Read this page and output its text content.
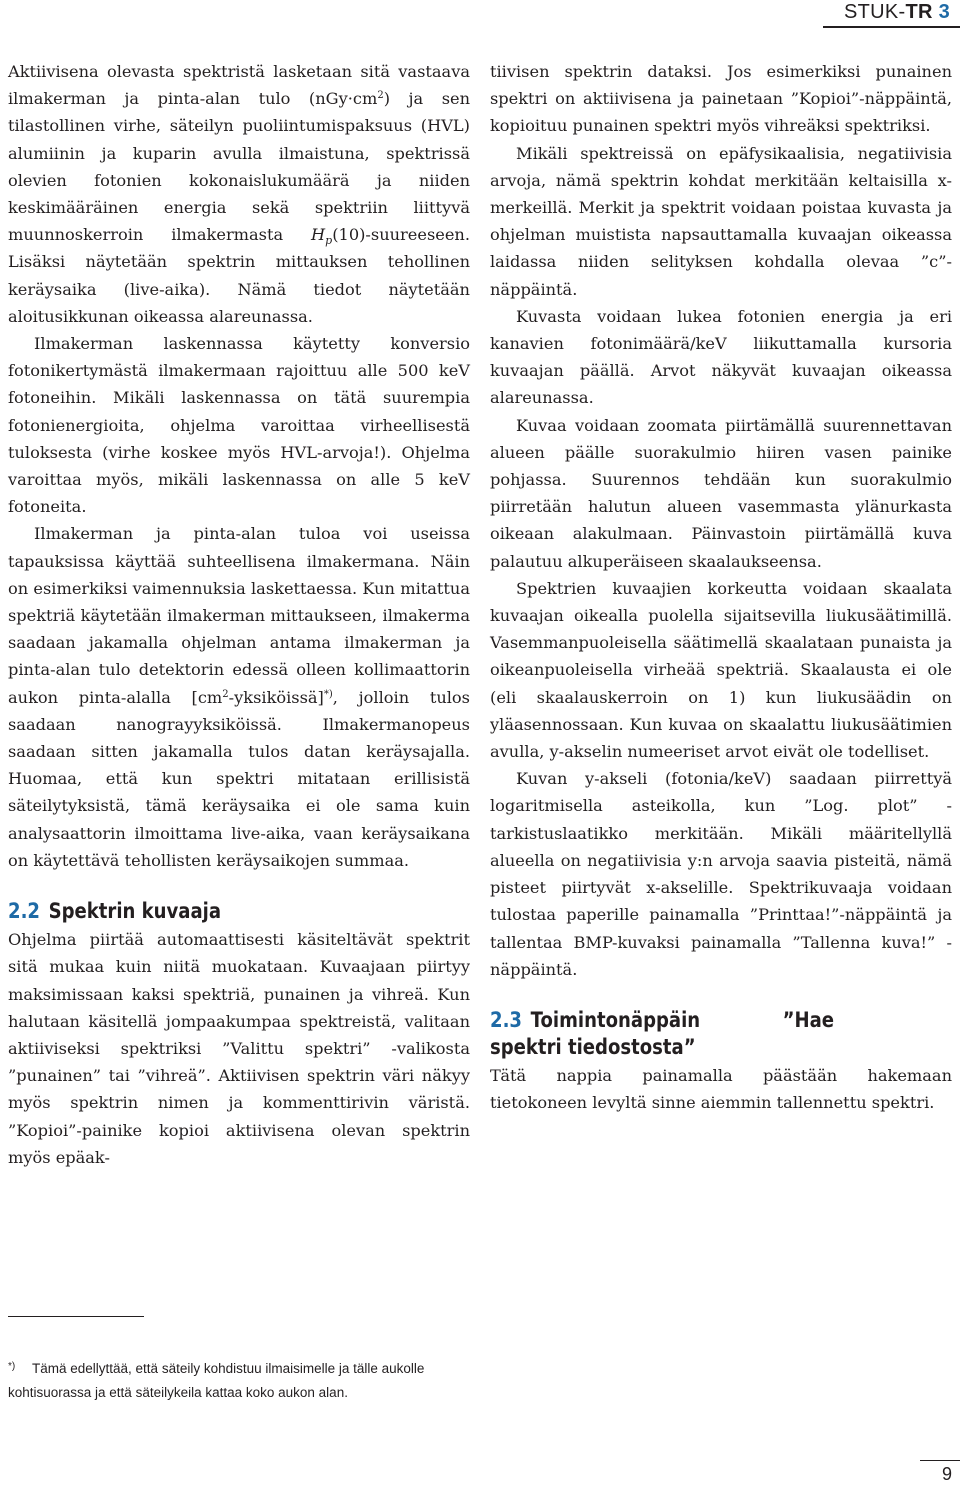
STUK-TR 3

Aktiivisena olevasta spektristä lasketaan sitä vastaava ilmakerman ja pinta-alan tulo $(nGy\cdot cm^2)$ ja sen tilastollinen virhe, säteilyn puoliintumispaksuus (HVL) alumiinin ja kuparin avulla ilmaistuna, spektrissä olevien fotonien kokonaislukumäärä ja niiden keskimääräinen energia sekä spektriin liittyvä muunnoskerroin ilmakermasta $H_p(10)$-suureeseen. Lisäksi näytetään spektrin mittauksen tehollinen keräysaika (live-aika). Nämä tiedot näytetään aloitusikkunan oikeassa alareunassa.

Ilmakerman laskennassa käytetty konversio fotonikertymästä ilmakermaan rajoittuu alle 500 keV fotoneihin. Mikäli laskennassa on tätä suurempia fotonienergioita, ohjelma varoittaa virheellisestä tuloksesta (virhe koskee myös HVL-arvoja!). Ohjelma varoittaa myös, mikäli laskennassa on alle 5 keV fotoneita.

Ilmakerman ja pinta-alan tuloa voi useissa tapauksissa käyttää suhteellisena ilmakermana. Näin on esimerkiksi vaimennuksia laskettaessa. Kun mitattua spektriä käytetään ilmakerman mittaukseen, ilmakerma saadaan jakamalla ohjelman antama ilmakerman ja pinta-alan tulo detektorin edessä olleen kollimaattorin aukon pinta-alalla $[cm^2-yksiköissä]^{*)}$, jolloin tulos saadaan nanograyyksiköissä. Ilmakermanopeus saadaan sitten jakamalla tulos datan keräysajalla. Huomaa, että kun spektri mitataan erillisistä säteilytyksistä, tämä keräysaika ei ole sama kuin analysaattorin ilmoittama live-aika, vaan keräysaikana on käytettävä tehollisten keräysaikojen summaa.

2.2 Spektrin kuvaaja

Ohjelma piirtää automaattisesti käsiteltävät spektrit sitä mukaa kuin niitä muokataan. Kuvaajaan piirtyy maksimissaan kaksi spektriä, punainen ja vihreä. Kun halutaan käsitellä jompaakumpaa spektreistä, valitaan aktiiviseksi spektriksi ”Valittu spektri” -valikosta ”punainen” tai ”vihreä”. Aktiivisen spektrin väri näkyy myös spektrin nimen ja kommenttirivin väristä. ”Kopioi”-painike kopioi aktiivisena olevan spektrin myös epäak-

tiivisen spektrin dataksi. Jos esimerkiksi punainen spektri on aktiivisena ja painetaan ”Kopioi”-näppäintä, kopioituu punainen spektri myös vihreäksi spektriksi.

Mikäli spektreissä on epäfysikaalisia, negatiivisia arvoja, nämä spektrin kohdat merkitään keltaisilla x-merkeillä. Merkit ja spektrit voidaan poistaa kuvasta ja ohjelman muistista napsauttamalla kuvaajan oikeassa laidassa niiden selityksen kohdalla olevaa ”c”-näppäintä.

Kuvasta voidaan lukea fotonien energia ja eri kanavien fotonimäärä/keV liikuttamalla kursoria kuvaajan päällä. Arvot näkyvät kuvaajan oikeassa alareunassa.

Kuvaa voidaan zoomata piirtämällä suurennettavan alueen päälle suorakulmio hiiren vasen painike pohjassa. Suurennos tehdään kun suorakulmio piirretään halutun alueen vasemmasta ylänurkasta oikeaan alakulmaan. Päinvastoin piirtämällä kuva palautuu alkuperäiseen skaalaukseensa.

Spektrien kuvaajien korkeutta voidaan skaalata kuvaajan oikealla puolella sijaitsevilla liukusäätimillä. Vasemmanpuoleisella säätimellä skaalataan punaista ja oikeanpuoleisella virheää spektriä. Skaalausta ei ole (eli skaalauskerroin on 1) kun liukusäädin on yläasennossaan. Kun kuvaa on skaalattu liukusäätimien avulla, y-akselin numeeriset arvot eivät ole todelliset.

Kuvan y-akseli (fotonia/keV) saadaan piirrettyä logaritmisella asteikolla, kun ”Log. plot” -tarkistuslaatikko merkitään. Mikäli määritellyllä alueella on negatiivisia y:n arvoja saavia pisteitä, nämä pisteet piirtyvät x-akselille. Spektrikuvaaja voidaan tulostaa paperille painamalla ”Printtaa!”-näppäintä ja tallentaa BMP-kuvaksi painamalla ”Tallenna kuva!” -näppäintä.

2.3 Toimintonäppäin ”Hae spektri tiedostosta”

Tätä nappia painamalla päästään hakemaan tietokoneen levyltä sinne aiemmin tallennettu spektri.

*) Tämä edellyttää, että säteily kohdistuu ilmaisimelle ja tälle aukolle kohtisuorassa ja että säteilykeila kattaa koko aukon alan.
9
